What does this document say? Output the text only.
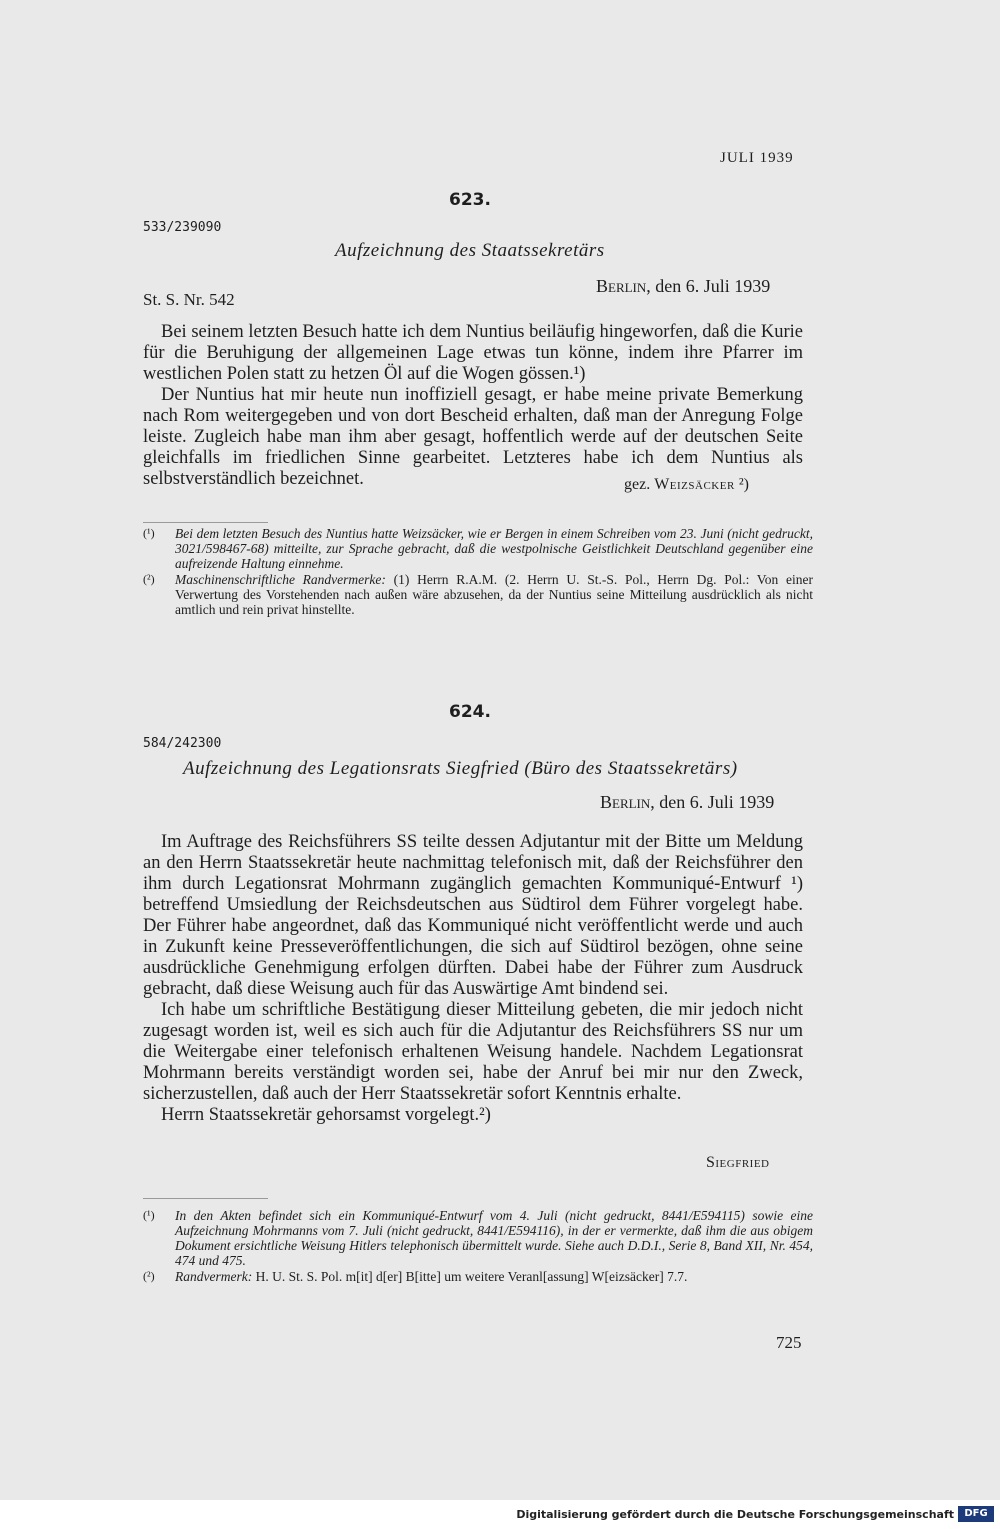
JULI 1939
623.
533/239090
Aufzeichnung des Staatssekretärs
Berlin, den 6. Juli 1939
St. S. Nr. 542

Bei seinem letzten Besuch hatte ich dem Nuntius beiläufig hingeworfen, daß die Kurie für die Beruhigung der allgemeinen Lage etwas tun könne, indem ihre Pfarrer im westlichen Polen statt zu hetzen Öl auf die Wogen gössen.¹)

Der Nuntius hat mir heute nun inoffiziell gesagt, er habe meine private Bemerkung nach Rom weitergegeben und von dort Bescheid erhalten, daß man der Anregung Folge leiste. Zugleich habe man ihm aber gesagt, hoffentlich werde auf der deutschen Seite gleichfalls im friedlichen Sinne gearbeitet. Letzteres habe ich dem Nuntius als selbstverständlich bezeichnet.	gez. Weizsäcker ²)
(¹)	Bei dem letzten Besuch des Nuntius hatte Weizsäcker, wie er Bergen in einem Schreiben vom 23. Juni (nicht gedruckt, 3021/598467-68) mitteilte, zur Sprache gebracht, daß die westpolnische Geistlichkeit Deutschland gegenüber eine aufreizende Haltung einnehme.
(²)	Maschinenschriftliche Randvermerke: (1) Herrn R.A.M. (2. Herrn U. St.-S. Pol., Herrn Dg. Pol.: Von einer Verwertung des Vorstehenden nach außen wäre abzusehen, da der Nuntius seine Mitteilung ausdrücklich als nicht amtlich und rein privat hinstellte.
624.
584/242300
Aufzeichnung des Legationsrats Siegfried (Büro des Staatssekretärs)
Berlin, den 6. Juli 1939

Im Auftrage des Reichsführers SS teilte dessen Adjutantur mit der Bitte um Meldung an den Herrn Staatssekretär heute nachmittag telefonisch mit, daß der Reichsführer den ihm durch Legationsrat Mohrmann zugänglich gemachten Kommuniqué-Entwurf ¹) betreffend Umsiedlung der Reichsdeutschen aus Südtirol dem Führer vorgelegt habe. Der Führer habe angeordnet, daß das Kommuniqué nicht veröffentlicht werde und auch in Zukunft keine Presseveröffentlichungen, die sich auf Südtirol bezögen, ohne seine ausdrückliche Genehmigung erfolgen dürften. Dabei habe der Führer zum Ausdruck gebracht, daß diese Weisung auch für das Auswärtige Amt bindend sei.

Ich habe um schriftliche Bestätigung dieser Mitteilung gebeten, die mir jedoch nicht zugesagt worden ist, weil es sich auch für die Adjutantur des Reichsführers SS nur um die Weitergabe einer telefonisch erhaltenen Weisung handele. Nachdem Legationsrat Mohrmann bereits verständigt worden sei, habe der Anruf bei mir nur den Zweck, sicherzustellen, daß auch der Herr Staatssekretär sofort Kenntnis erhalte.

Herrn Staatssekretär gehorsamst vorgelegt.²)

Siegfried
(¹)	In den Akten befindet sich ein Kommuniqué-Entwurf vom 4. Juli (nicht gedruckt, 8441/E594115) sowie eine Aufzeichnung Mohrmanns vom 7. Juli (nicht gedruckt, 8441/E594116), in der er vermerkte, daß ihm die aus obigem Dokument ersichtliche Weisung Hitlers telephonisch übermittelt wurde. Siehe auch D.D.I., Serie 8, Band XII, Nr. 454, 474 und 475.
(²)	Randvermerk: H. U. St. S. Pol. m[it] d[er] B[itte] um weitere Veranl[assung] W[eizsäcker] 7.7.
725
Digitalisierung gefördert durch die Deutsche Forschungsgemeinschaft	DFG
